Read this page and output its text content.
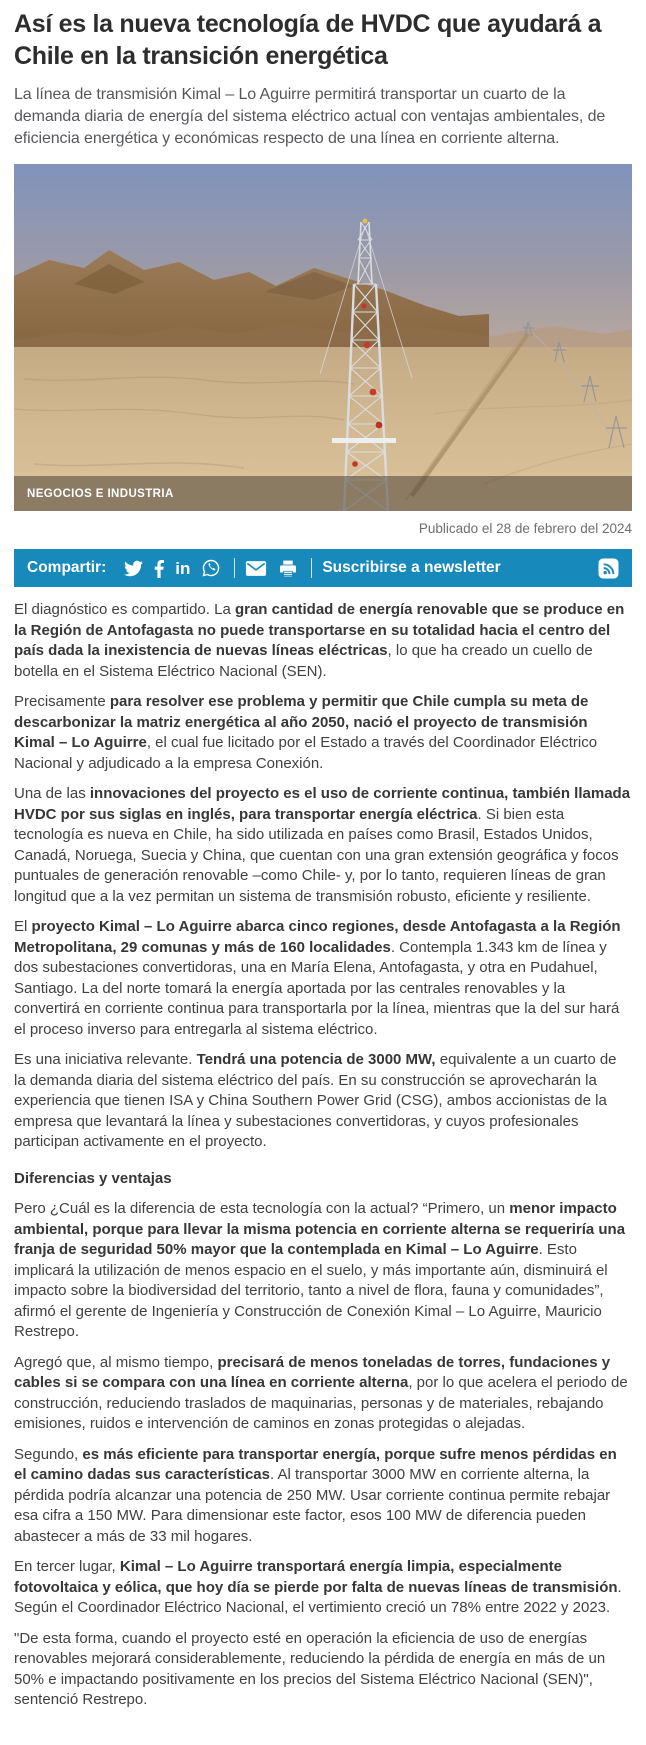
Así es la nueva tecnología de HVDC que ayudará a Chile en la transición energética

La línea de transmisión Kimal – Lo Aguirre permitirá transportar un cuarto de la demanda diaria de energía del sistema eléctrico actual con ventajas ambientales, de eficiencia energética y económicas respecto de una línea en corriente alterna.

NEGOCIOS E INDUSTRIA
Publicado el 28 de febrero del 2024
Compartir:	in	Suscribirse a newsletter

El diagnóstico es compartido. La gran cantidad de energía renovable que se produce en la Región de Antofagasta no puede transportarse en su totalidad hacia el centro del país dada la inexistencia de nuevas líneas eléctricas, lo que ha creado un cuello de botella en el Sistema Eléctrico Nacional (SEN).

Precisamente para resolver ese problema y permitir que Chile cumpla su meta de descarbonizar la matriz energética al año 2050, nació el proyecto de transmisión Kimal – Lo Aguirre, el cual fue licitado por el Estado a través del Coordinador Eléctrico Nacional y adjudicado a la empresa Conexión.

Una de las innovaciones del proyecto es el uso de corriente continua, también llamada HVDC por sus siglas en inglés, para transportar energía eléctrica. Si bien esta tecnología es nueva en Chile, ha sido utilizada en países como Brasil, Estados Unidos, Canadá, Noruega, Suecia y China, que cuentan con una gran extensión geográfica y focos puntuales de generación renovable –como Chile- y, por lo tanto, requieren líneas de gran longitud que a la vez permitan un sistema de transmisión robusto, eficiente y resiliente.

El proyecto Kimal – Lo Aguirre abarca cinco regiones, desde Antofagasta a la Región Metropolitana, 29 comunas y más de 160 localidades. Contempla 1.343 km de línea y dos subestaciones convertidoras, una en María Elena, Antofagasta, y otra en Pudahuel, Santiago. La del norte tomará la energía aportada por las centrales renovables y la convertirá en corriente continua para transportarla por la línea, mientras que la del sur hará el proceso inverso para entregarla al sistema eléctrico.

Es una iniciativa relevante. Tendrá una potencia de 3000 MW, equivalente a un cuarto de la demanda diaria del sistema eléctrico del país. En su construcción se aprovecharán la experiencia que tienen ISA y China Southern Power Grid (CSG), ambos accionistas de la empresa que levantará la línea y subestaciones convertidoras, y cuyos profesionales participan activamente en el proyecto.

Diferencias y ventajas

Pero ¿Cuál es la diferencia de esta tecnología con la actual? “Primero, un menor impacto ambiental, porque para llevar la misma potencia en corriente alterna se requeriría una franja de seguridad 50% mayor que la contemplada en Kimal – Lo Aguirre. Esto implicará la utilización de menos espacio en el suelo, y más importante aún, disminuirá el impacto sobre la biodiversidad del territorio, tanto a nivel de flora, fauna y comunidades”, afirmó el gerente de Ingeniería y Construcción de Conexión Kimal – Lo Aguirre, Mauricio Restrepo.

Agregó que, al mismo tiempo, precisará de menos toneladas de torres, fundaciones y cables si se compara con una línea en corriente alterna, por lo que acelera el periodo de construcción, reduciendo traslados de maquinarias, personas y de materiales, rebajando emisiones, ruidos e intervención de caminos en zonas protegidas o alejadas.

Segundo, es más eficiente para transportar energía, porque sufre menos pérdidas en el camino dadas sus características. Al transportar 3000 MW en corriente alterna, la pérdida podría alcanzar una potencia de 250 MW. Usar corriente continua permite rebajar esa cifra a 150 MW. Para dimensionar este factor, esos 100 MW de diferencia pueden abastecer a más de 33 mil hogares.

En tercer lugar, Kimal – Lo Aguirre transportará energía limpia, especialmente fotovoltaica y eólica, que hoy día se pierde por falta de nuevas líneas de transmisión. Según el Coordinador Eléctrico Nacional, el vertimiento creció un 78% entre 2022 y 2023.

"De esta forma, cuando el proyecto esté en operación la eficiencia de uso de energías renovables mejorará considerablemente, reduciendo la pérdida de energía en más de un 50% e impactando positivamente en los precios del Sistema Eléctrico Nacional (SEN)", sentenció Restrepo.
